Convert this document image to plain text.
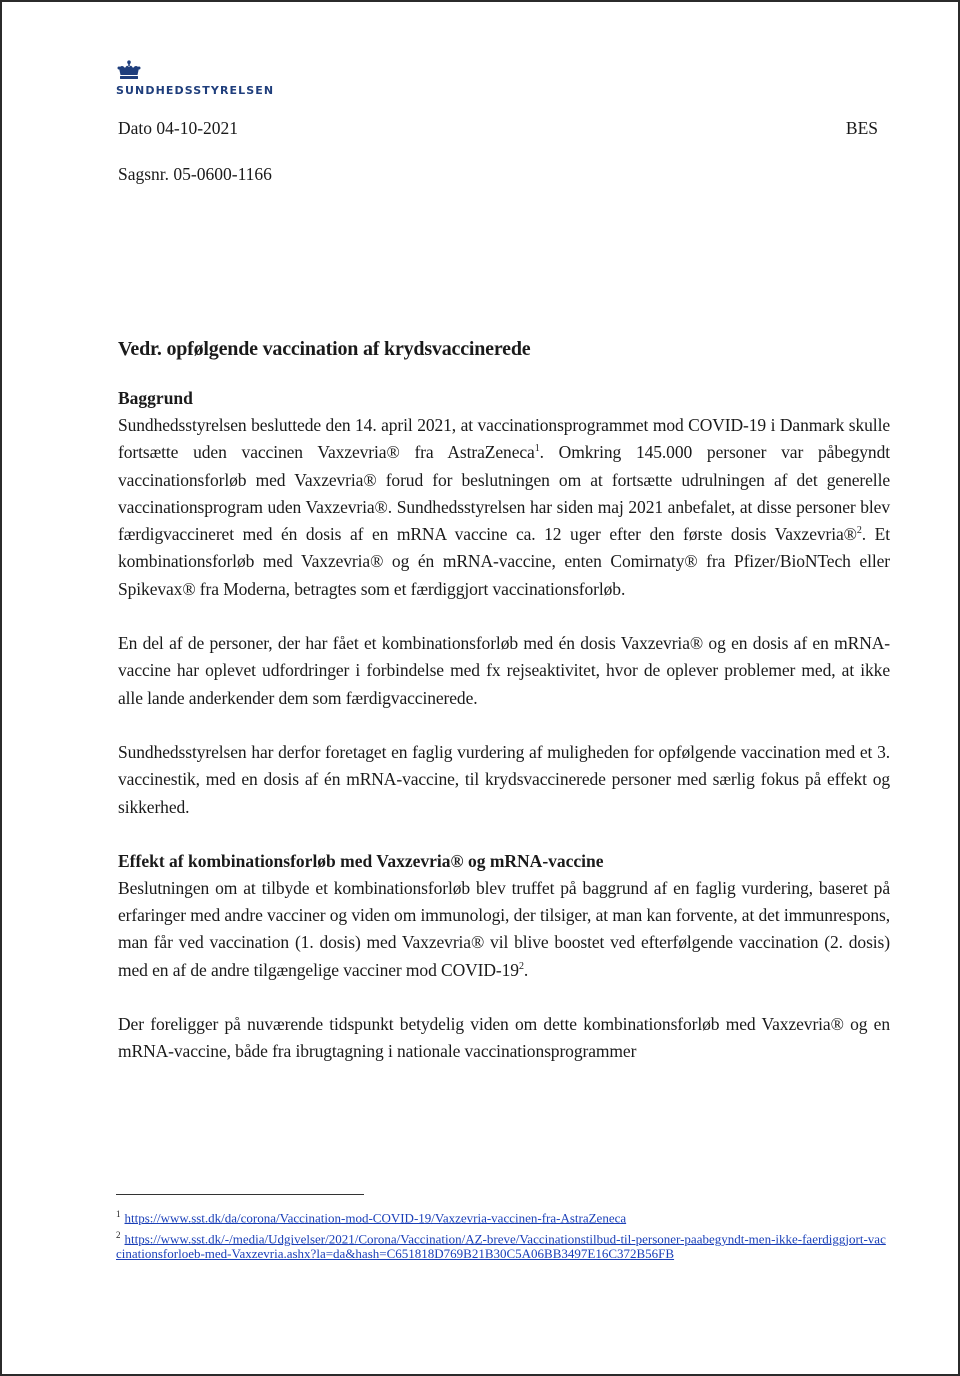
SUNDHEDSSTYRELSEN
Dato 04-10-2021	BES
Sagsnr. 05-0600-1166
Vedr. opfølgende vaccination af krydsvaccinerede
Baggrund

Sundhedsstyrelsen besluttede den 14. april 2021, at vaccinationsprogrammet mod COVID-19 i Danmark skulle fortsætte uden vaccinen Vaxzevria® fra AstraZeneca$^1$. Omkring 145.000 personer var påbegyndt vaccinationsforløb med Vaxzevria® forud for beslutningen om at fortsætte udrulningen af det generelle vaccinationsprogram uden Vaxzevria®. Sundhedsstyrelsen har siden maj 2021 anbefalet, at disse personer blev færdigvaccineret med én dosis af en mRNA vaccine ca. 12 uger efter den første dosis Vaxzevria®$^2$. Et kombinationsforløb med Vaxzevria® og én mRNA-vaccine, enten Comirnaty® fra Pfizer/BioNTech eller Spikevax® fra Moderna, betragtes som et færdiggjort vaccinationsforløb.

En del af de personer, der har fået et kombinationsforløb med én dosis Vaxzevria® og en dosis af en mRNA-vaccine har oplevet udfordringer i forbindelse med fx rejseaktivitet, hvor de oplever problemer med, at ikke alle lande anderkender dem som færdigvaccinerede.

Sundhedsstyrelsen har derfor foretaget en faglig vurdering af muligheden for opfølgende vaccination med et 3. vaccinestik, med en dosis af én mRNA-vaccine, til krydsvaccinerede personer med særlig fokus på effekt og sikkerhed.

Effekt af kombinationsforløb med Vaxzevria® og mRNA-vaccine

Beslutningen om at tilbyde et kombinationsforløb blev truffet på baggrund af en faglig vurdering, baseret på erfaringer med andre vacciner og viden om immunologi, der tilsiger, at man kan forvente, at det immunrespons, man får ved vaccination (1. dosis) med Vaxzevria® vil blive boostet ved efterfølgende vaccination (2. dosis) med en af de andre tilgængelige vacciner mod COVID-$19^2$.

Der foreligger på nuværende tidspunkt betydelig viden om dette kombinationsforløb med Vaxzevria® og en mRNA-vaccine, både fra ibrugtagning i nationale vaccinationsprogrammer

$^1$ https://www.sst.dk/da/corona/Vaccination-mod-COVID-19/Vaxzevria-vaccinen-fra-AstraZeneca

$^2$ https://www.sst.dk/-/media/Udgivelser/2021/Corona/Vaccination/AZ-breve/Vaccinationstilbud-til-personer-paabegyndt-men-ikke-faerdiggjort-vaccinationsforloeb-med-Vaxzevria.ashx?la=da&hash=C651818D769B21B30C5A06BB3497E16C372B56FB
